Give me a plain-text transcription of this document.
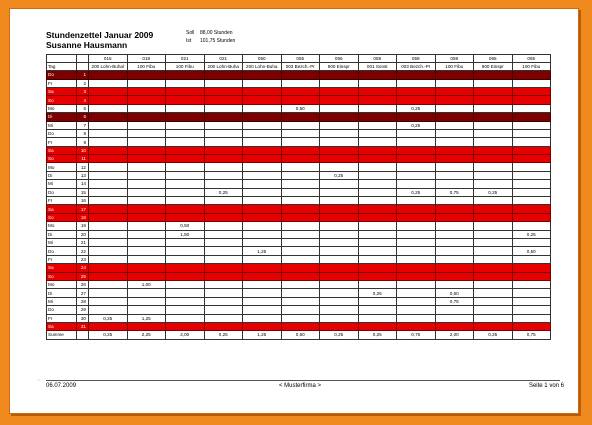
Stundenzettel Januar 2009
Susanne Hausmann
Soll	88,00 Stunden
Ist	101,75 Stunden
		015	018	021	021	050	055	055	059	059	059	065	065
Tag		200 Lohn-Buhal	100 Fibu	100 Fibu	200 Lohn-Buha	200 Lohn-Buha	003 Bezch.-Pr	900 Einspr	001 Sonst	003 Bezch.-Pr	100 Fibu	900 Einspr	100 Fibu
Do	1												
Fr	2												
Sa	3												
So	4												
Mo	5						0,50			0,25			
Di	6												
Mi	7									0,25			
Do	8												
Fr	9												
Sa	10												
So	11												
Mo	12												
Di	13							0,25					
Mi	14												
Do	15				0,25					0,25	0,75	0,25	
Fr	16												
Sa	17												
So	18												
Mo	19			0,50									
Di	20			1,50									0,25
Mi	21												
Do	22					1,25							0,50
Fr	23												
Sa	24												
So	25												
Mo	26		1,00										
Di	27								0,25		0,50		
Mi	28										0,75		
Do	29												
Fr	30	0,25	1,25										
Sa	31												
Summe		0,25	2,25	2,00	0,25	1,25	0,50	0,25	0,25	0,75	2,00	0,25	0,75
~
06.07.2009	< Musterfirma >	Seite 1 von 6
